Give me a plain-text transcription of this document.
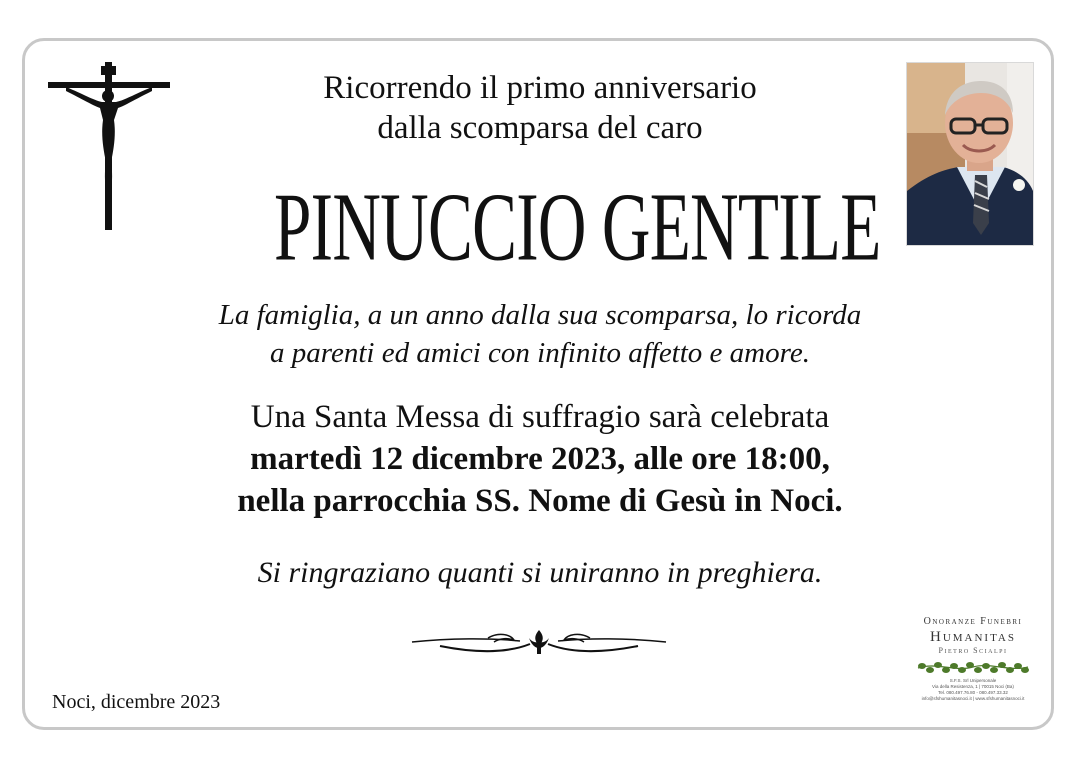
Ricorrendo il primo anniversario
dalla scomparsa del caro
PINUCCIO GENTILE
La famiglia, a un anno dalla sua scomparsa, lo ricorda
a parenti ed amici con infinito affetto e amore.
Una Santa Messa di suffragio sarà celebrata
martedì 12 dicembre 2023, alle ore 18:00,
nella parrocchia SS. Nome di Gesù in Noci.
Si ringraziano quanti si uniranno in preghiera.
Noci, dicembre 2023
Onoranze Funebri
Humanitas
Pietro Scialpi
S.F.S. Srl Unipersonale
Via della Resistenza, 1 | 70015 Noci (Ba)
Tel. 080.497.76.80 - 080.497.33.32
info@sfshumanitasnoci.it | www.sfshumanitasnoci.it
